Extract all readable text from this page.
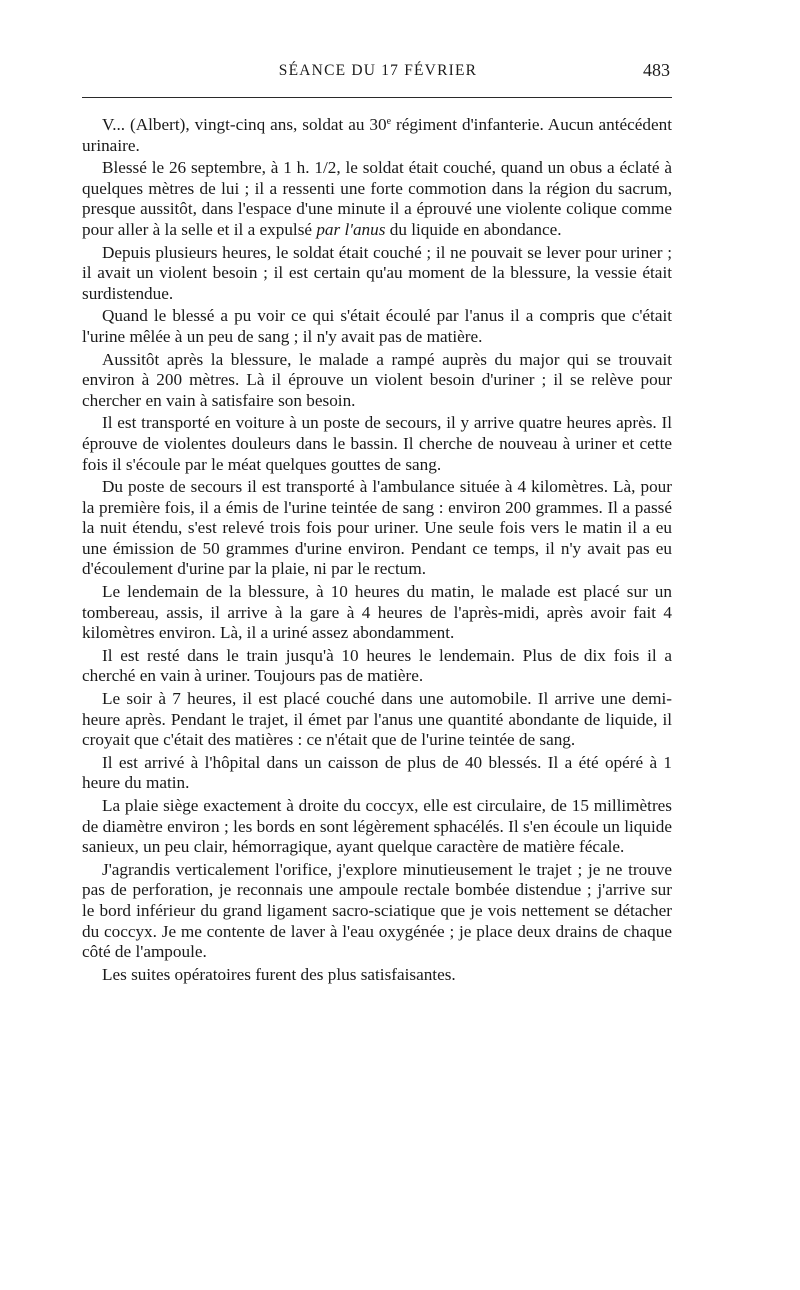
SÉANCE DU 17 FÉVRIER	483

V... (Albert), vingt-cinq ans, soldat au 30e régiment d'infanterie. Aucun antécédent urinaire.

Blessé le 26 septembre, à 1 h. 1/2, le soldat était couché, quand un obus a éclaté à quelques mètres de lui ; il a ressenti une forte commotion dans la région du sacrum, presque aussitôt, dans l'espace d'une minute il a éprouvé une violente colique comme pour aller à la selle et il a expulsé par l'anus du liquide en abondance.

Depuis plusieurs heures, le soldat était couché ; il ne pouvait se lever pour uriner ; il avait un violent besoin ; il est certain qu'au moment de la blessure, la vessie était surdistendue.

Quand le blessé a pu voir ce qui s'était écoulé par l'anus il a compris que c'était l'urine mêlée à un peu de sang ; il n'y avait pas de matière.

Aussitôt après la blessure, le malade a rampé auprès du major qui se trouvait environ à 200 mètres. Là il éprouve un violent besoin d'uriner ; il se relève pour chercher en vain à satisfaire son besoin.

Il est transporté en voiture à un poste de secours, il y arrive quatre heures après. Il éprouve de violentes douleurs dans le bassin. Il cherche de nouveau à uriner et cette fois il s'écoule par le méat quelques gouttes de sang.

Du poste de secours il est transporté à l'ambulance située à 4 kilomètres. Là, pour la première fois, il a émis de l'urine teintée de sang : environ 200 grammes. Il a passé la nuit étendu, s'est relevé trois fois pour uriner. Une seule fois vers le matin il a eu une émission de 50 grammes d'urine environ. Pendant ce temps, il n'y avait pas eu d'écoulement d'urine par la plaie, ni par le rectum.

Le lendemain de la blessure, à 10 heures du matin, le malade est placé sur un tombereau, assis, il arrive à la gare à 4 heures de l'après-midi, après avoir fait 4 kilomètres environ. Là, il a uriné assez abondamment.

Il est resté dans le train jusqu'à 10 heures le lendemain. Plus de dix fois il a cherché en vain à uriner. Toujours pas de matière.

Le soir à 7 heures, il est placé couché dans une automobile. Il arrive une demi-heure après. Pendant le trajet, il émet par l'anus une quantité abondante de liquide, il croyait que c'était des matières : ce n'était que de l'urine teintée de sang.

Il est arrivé à l'hôpital dans un caisson de plus de 40 blessés. Il a été opéré à 1 heure du matin.

La plaie siège exactement à droite du coccyx, elle est circulaire, de 15 millimètres de diamètre environ ; les bords en sont légèrement sphacélés. Il s'en écoule un liquide sanieux, un peu clair, hémorragique, ayant quelque caractère de matière fécale.

J'agrandis verticalement l'orifice, j'explore minutieusement le trajet ; je ne trouve pas de perforation, je reconnais une ampoule rectale bombée distendue ; j'arrive sur le bord inférieur du grand ligament sacro-sciatique que je vois nettement se détacher du coccyx. Je me contente de laver à l'eau oxygénée ; je place deux drains de chaque côté de l'ampoule.

Les suites opératoires furent des plus satisfaisantes.
